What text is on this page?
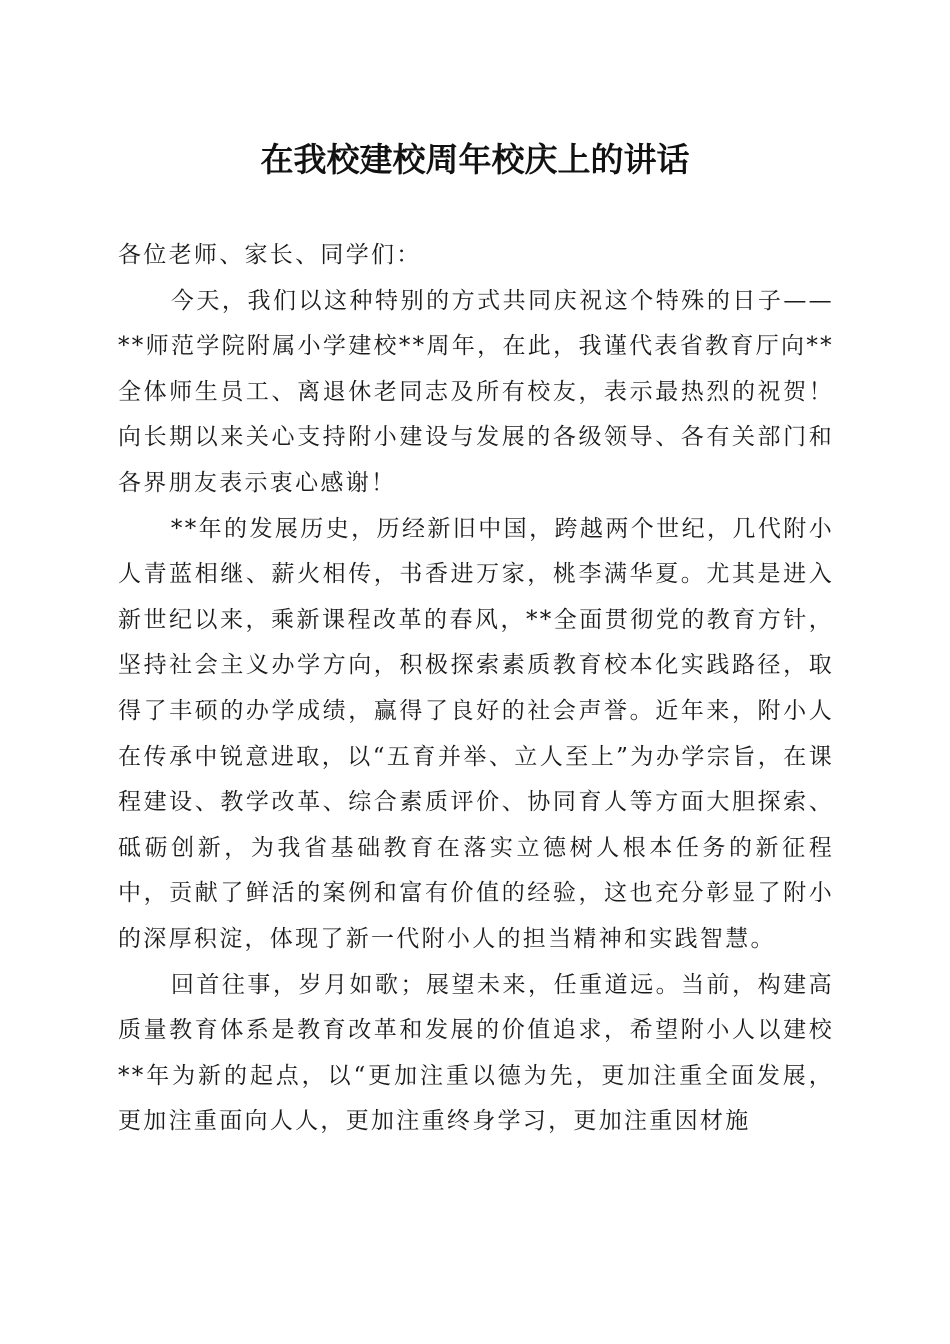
在我校建校周年校庆上的讲话

各位老师、家长、同学们：

今天，我们以这种特别的方式共同庆祝这个特殊的日子——**师范学院附属小学建校**周年，在此，我谨代表省教育厅向**全体师生员工、离退休老同志及所有校友，表示最热烈的祝贺！向长期以来关心支持附小建设与发展的各级领导、各有关部门和各界朋友表示衷心感谢！

**年的发展历史，历经新旧中国，跨越两个世纪，几代附小人青蓝相继、薪火相传，书香进万家，桃李满华夏。尤其是进入新世纪以来，乘新课程改革的春风，**全面贯彻党的教育方针，坚持社会主义办学方向，积极探索素质教育校本化实践路径，取得了丰硕的办学成绩，赢得了良好的社会声誉。近年来，附小人在传承中锐意进取，以“五育并举、立人至上”为办学宗旨，在课程建设、教学改革、综合素质评价、协同育人等方面大胆探索、砥砺创新，为我省基础教育在落实立德树人根本任务的新征程中，贡献了鲜活的案例和富有价值的经验，这也充分彰显了附小的深厚积淀，体现了新一代附小人的担当精神和实践智慧。

回首往事，岁月如歌；展望未来，任重道远。当前，构建高质量教育体系是教育改革和发展的价值追求，希望附小人以建校**年为新的起点，以“更加注重以德为先，更加注重全面发展，更加注重面向人人，更加注重终身学习，更加注重因材施
